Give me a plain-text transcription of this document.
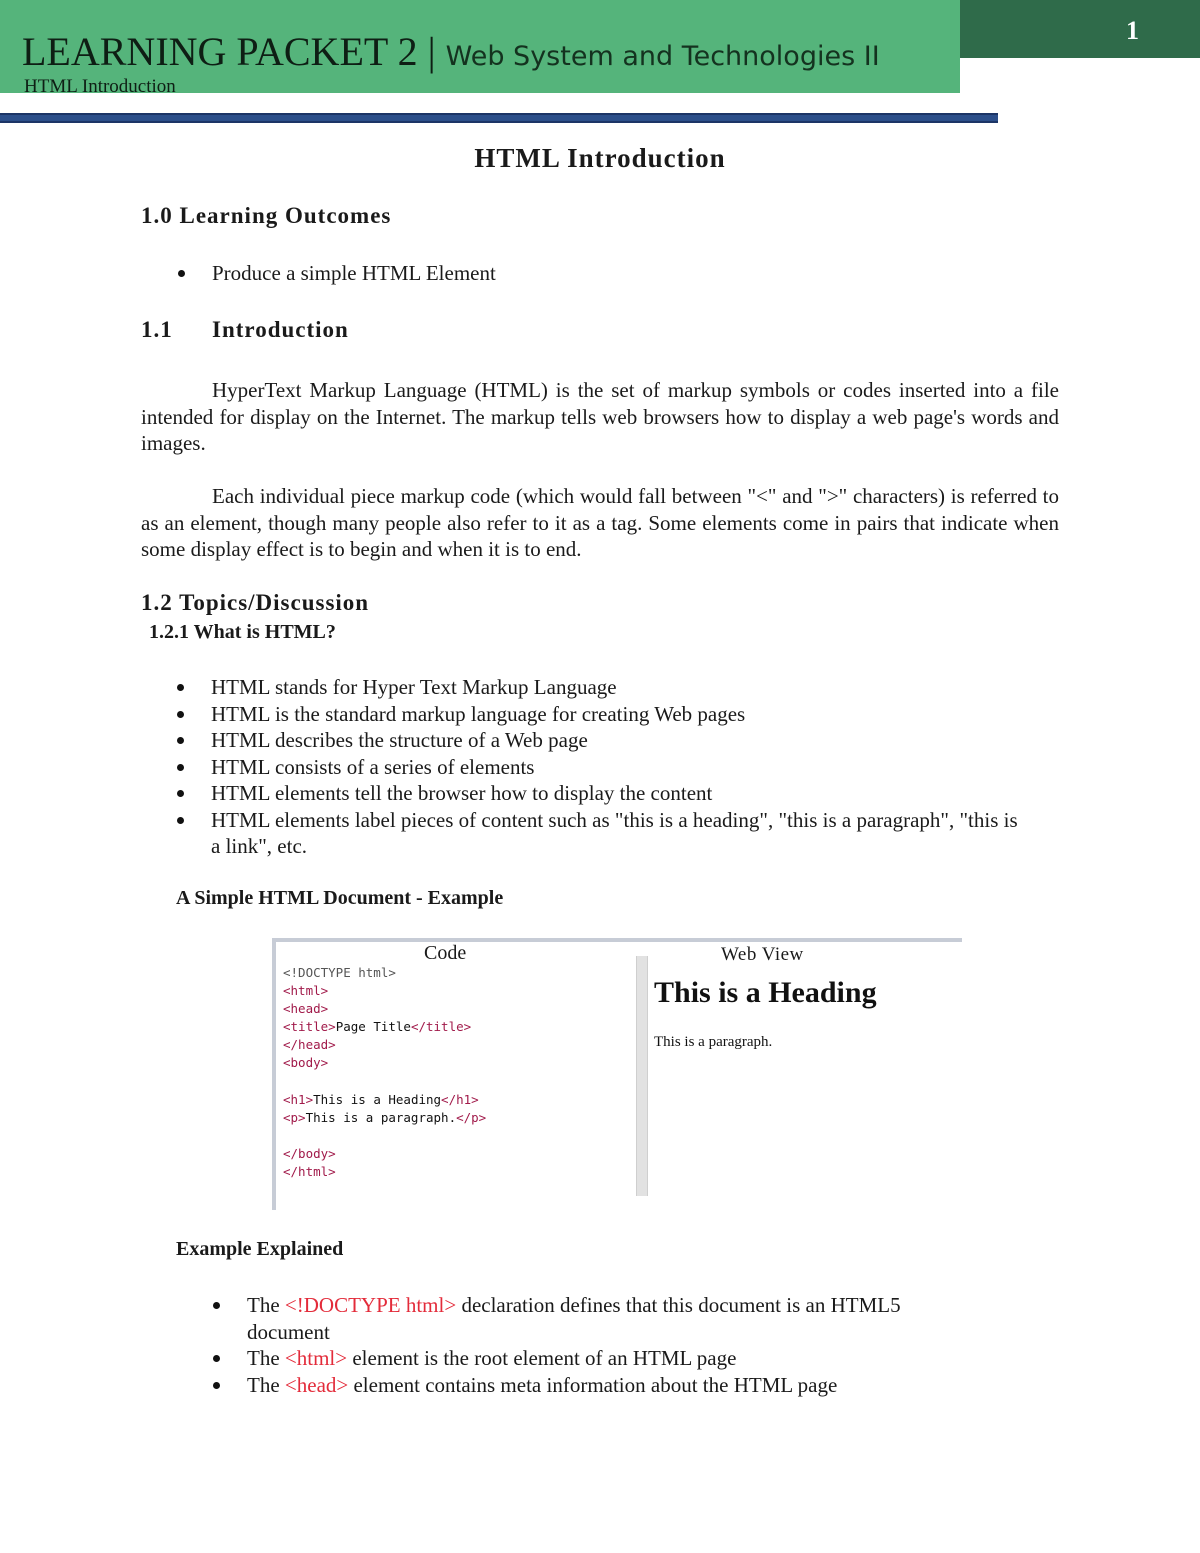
1
LEARNING PACKET 2 | Web System and Technologies II
HTML Introduction
HTML Introduction
1.0 Learning Outcomes
Produce a simple HTML Element
1.1 Introduction

HyperText Markup Language (HTML) is the set of markup symbols or codes inserted into a file intended for display on the Internet. The markup tells web browsers how to display a web page's words and images.

Each individual piece markup code (which would fall between "<" and ">" characters) is referred to as an element, though many people also refer to it as a tag. Some elements come in pairs that indicate when some display effect is to begin and when it is to end.

1.2 Topics/Discussion
1.2.1 What is HTML?
HTML stands for Hyper Text Markup Language
HTML is the standard markup language for creating Web pages
HTML describes the structure of a Web page
HTML consists of a series of elements
HTML elements tell the browser how to display the content
HTML elements label pieces of content such as "this is a heading", "this is a paragraph", "this is a link", etc.
A Simple HTML Document - Example
Code	Web View
<!DOCTYPE html>
<html>
<head>
<title>Page Title</title>
</head>
<body>

<h1>This is a Heading</h1>
<p>This is a paragraph.</p>

</body>
</html>
This is a Heading
This is a paragraph.
Example Explained
The <!DOCTYPE html> declaration defines that this document is an HTML5 document
The <html> element is the root element of an HTML page
The <head> element contains meta information about the HTML page
